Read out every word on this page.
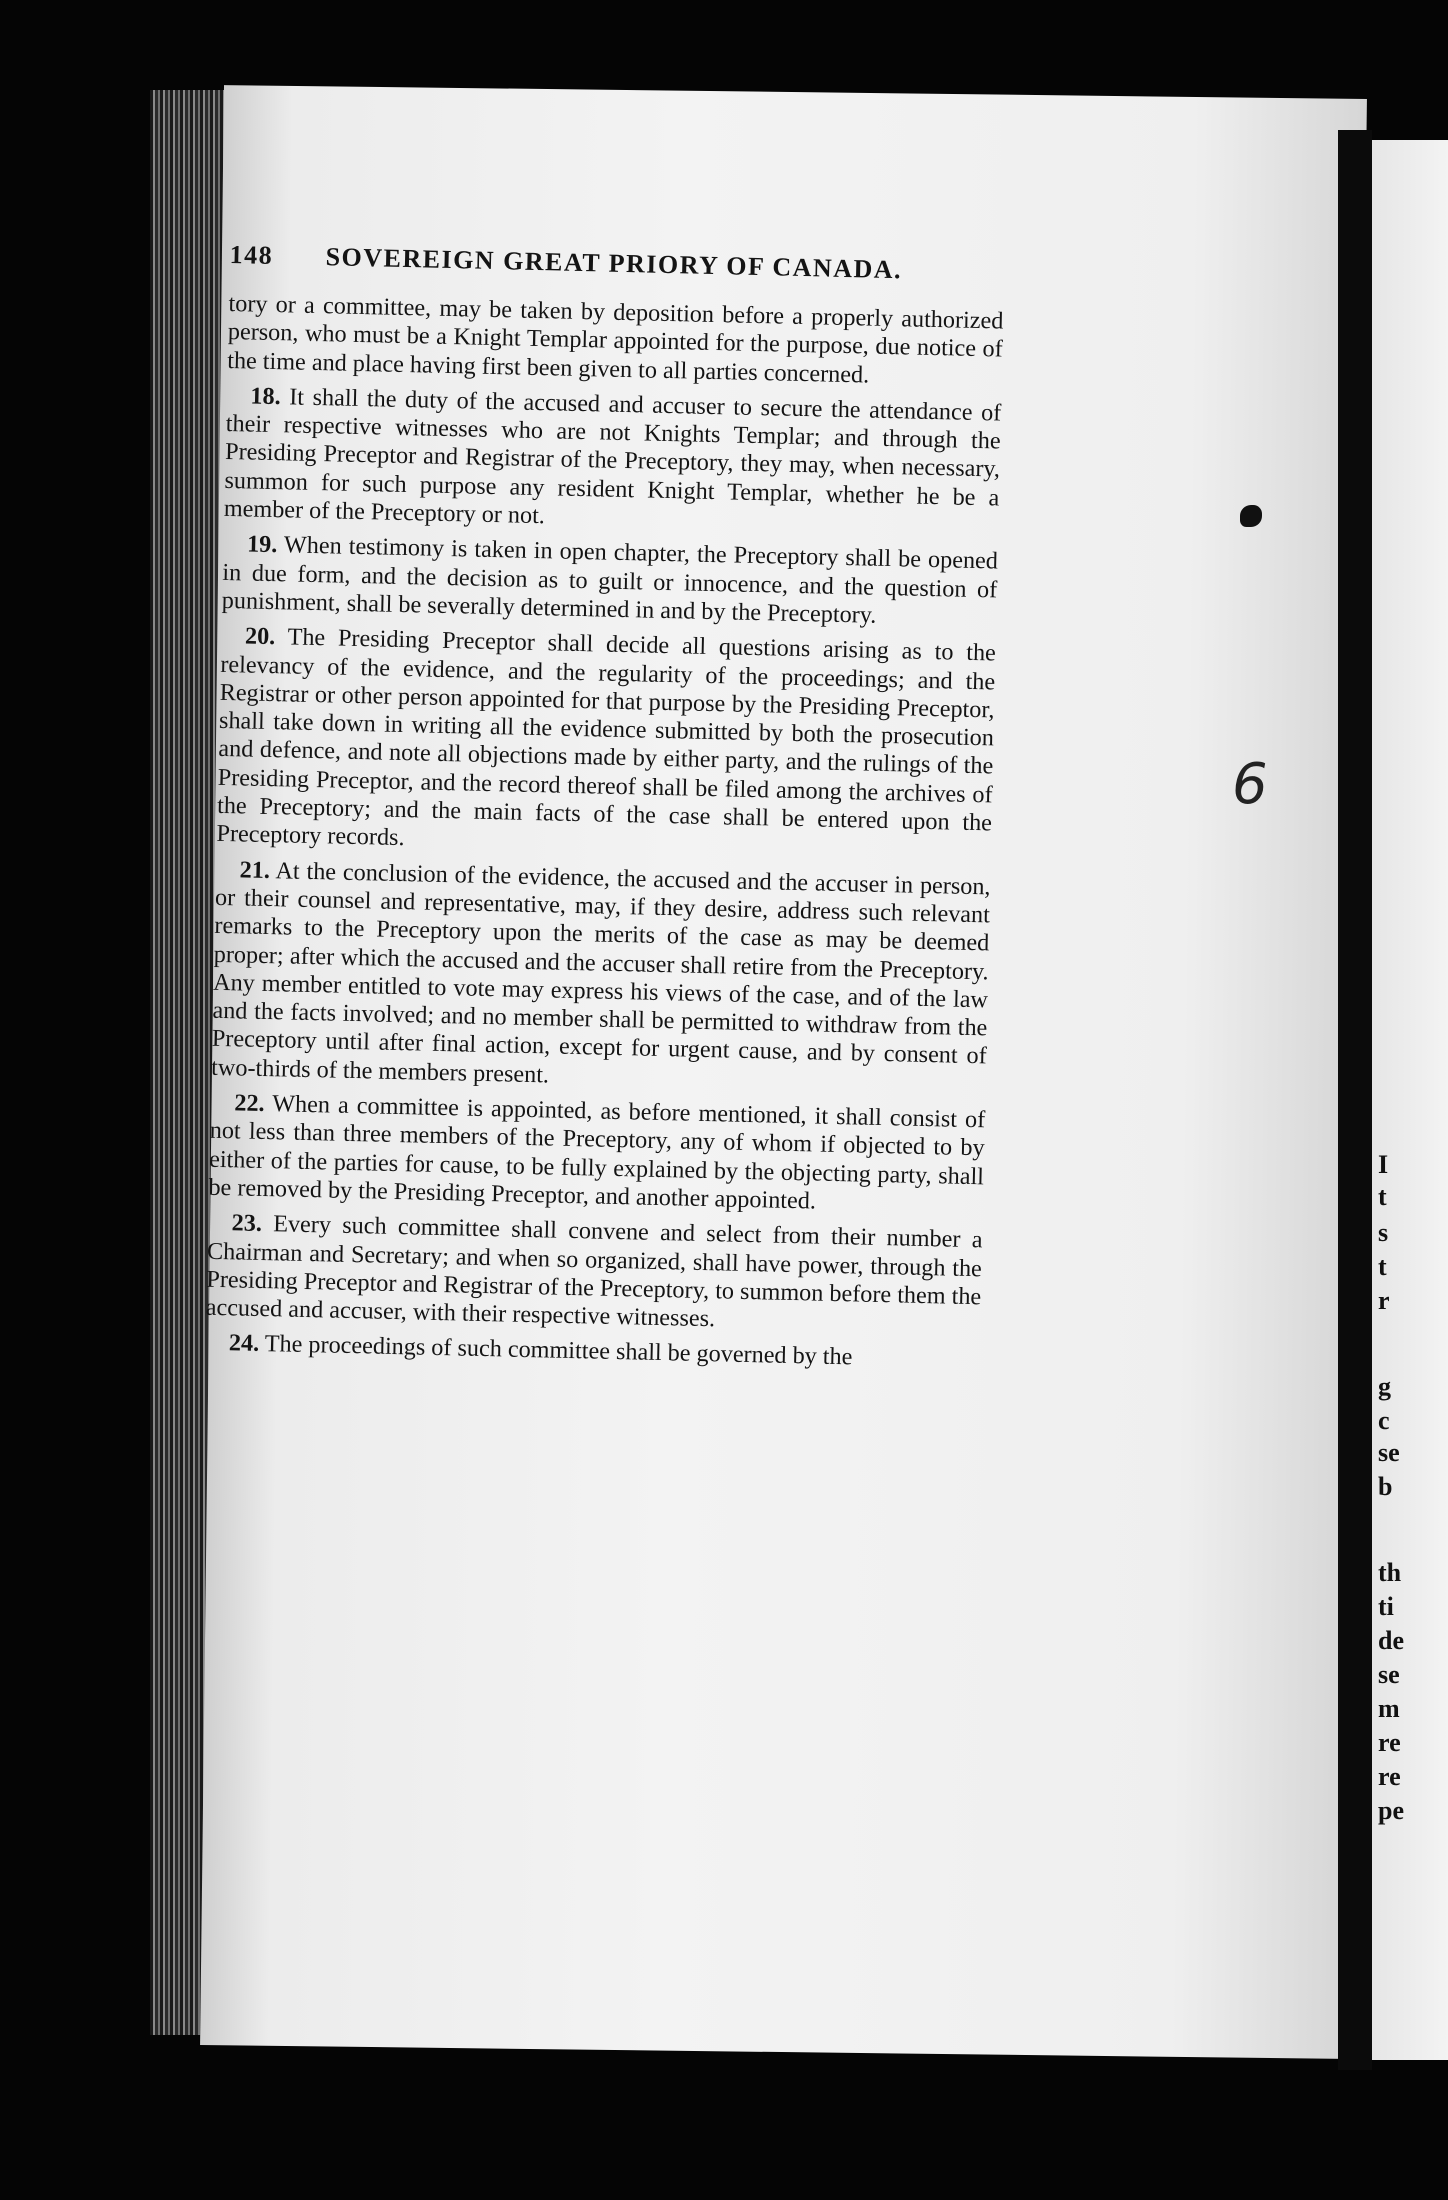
I
t
s
t
r
g
c
se
b
th
ti
de
se
m
re
re
pe
148 SOVEREIGN GREAT PRIORY OF CANADA.

tory or a committee, may be taken by deposition before a properly authorized person, who must be a Knight Templar appointed for the purpose, due notice of the time and place having first been given to all parties concerned.

18. It shall the duty of the accused and accuser to secure the attendance of their respective witnesses who are not Knights Templar; and through the Presiding Preceptor and Registrar of the Preceptory, they may, when necessary, summon for such purpose any resident Knight Templar, whether he be a member of the Preceptory or not.

19. When testimony is taken in open chapter, the Preceptory shall be opened in due form, and the decision as to guilt or innocence, and the question of punishment, shall be severally determined in and by the Preceptory.

20. The Presiding Preceptor shall decide all questions arising as to the relevancy of the evidence, and the regularity of the proceedings; and the Registrar or other person appointed for that purpose by the Presiding Preceptor, shall take down in writing all the evidence submitted by both the prosecution and defence, and note all objections made by either party, and the rulings of the Presiding Preceptor, and the record thereof shall be filed among the archives of the Preceptory; and the main facts of the case shall be entered upon the Preceptory records.

21. At the conclusion of the evidence, the accused and the accuser in person, or their counsel and representative, may, if they desire, address such relevant remarks to the Preceptory upon the merits of the case as may be deemed proper; after which the accused and the accuser shall retire from the Preceptory. Any member entitled to vote may express his views of the case, and of the law and the facts involved; and no member shall be permitted to withdraw from the Preceptory until after final action, except for urgent cause, and by consent of two-thirds of the members present.

22. When a committee is appointed, as before mentioned, it shall consist of not less than three members of the Preceptory, any of whom if objected to by either of the parties for cause, to be fully explained by the objecting party, shall be removed by the Presiding Preceptor, and another appointed.

23. Every such committee shall convene and select from their number a Chairman and Secretary; and when so organized, shall have power, through the Presiding Preceptor and Registrar of the Preceptory, to summon before them the accused and accuser, with their respective witnesses.

24. The proceedings of such committee shall be governed by the

6
